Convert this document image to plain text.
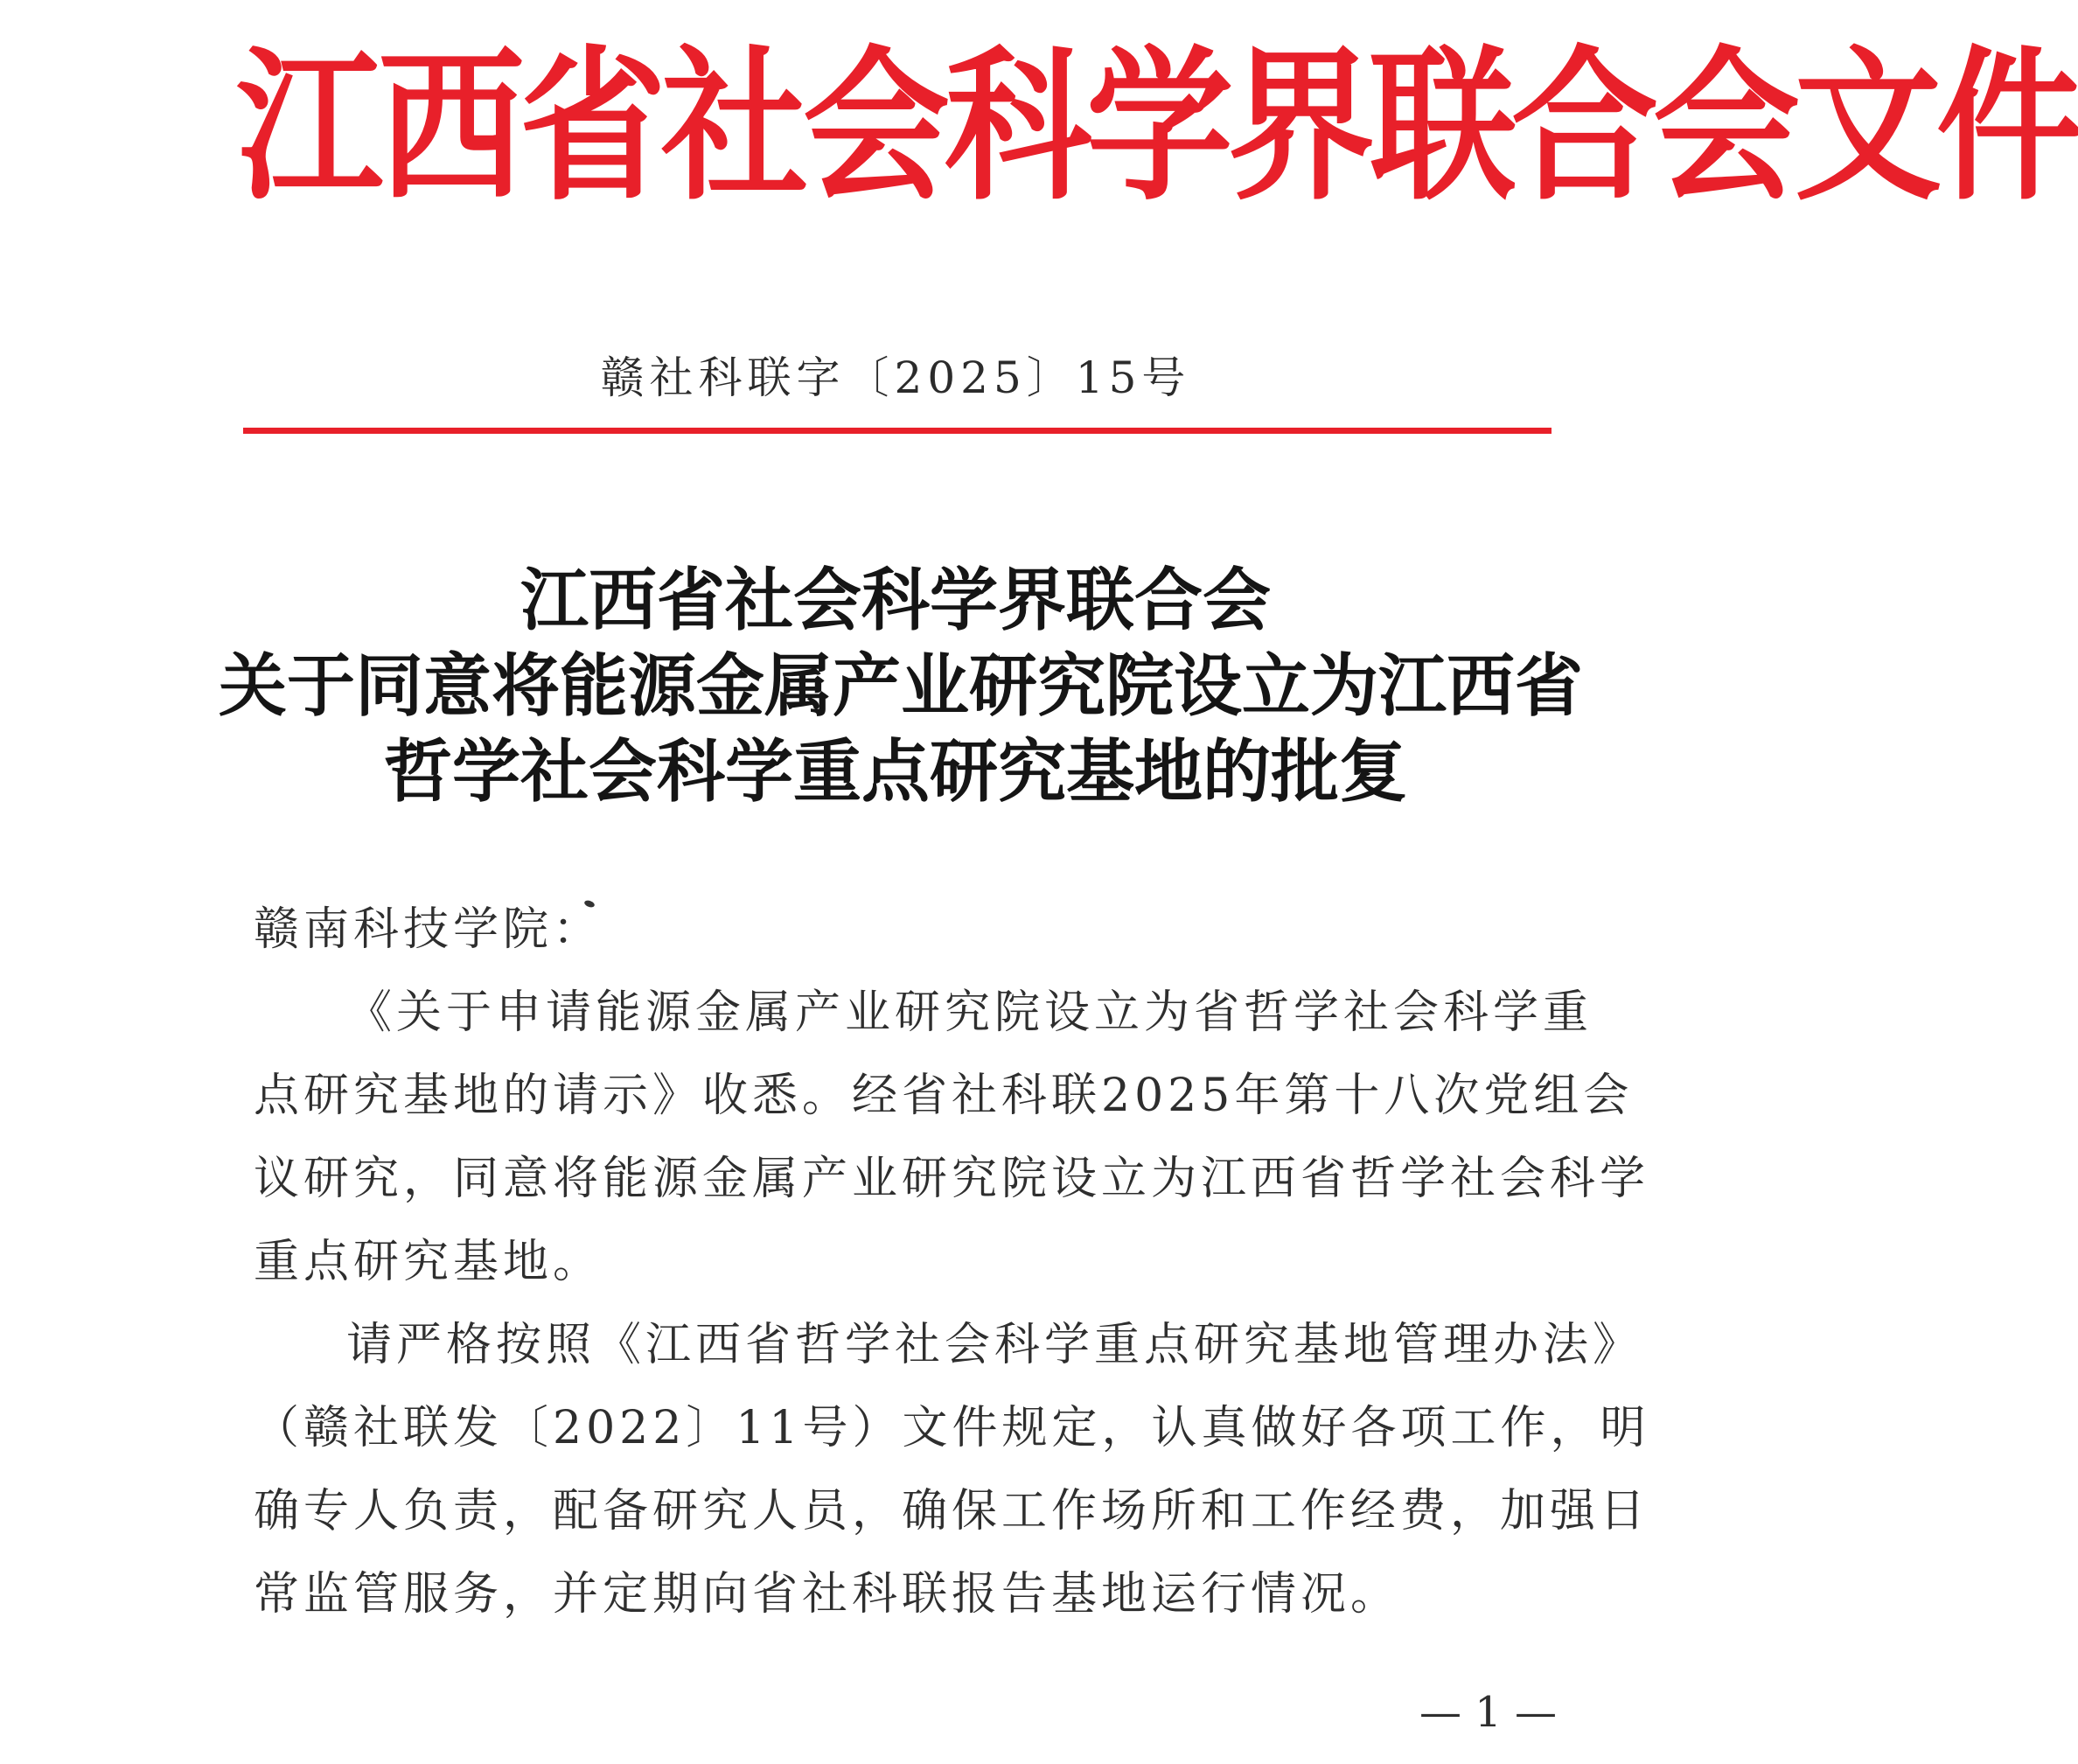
江西省社会科学界联合会文件
赣社科联字〔2025〕15号
江西省社会科学界联合会
关于同意将能源金属产业研究院设立为江西省
哲学社会科学重点研究基地的批复
赣南科技学院：
《关于申请能源金属产业研究院设立为省哲学社会科学重
点研究基地的请示》收悉。经省社科联2025年第十八次党组会
议研究，同意将能源金属产业研究院设立为江西省哲学社会科学
重点研究基地。
请严格按照《江西省哲学社会科学重点研究基地管理办法》
（赣社联发〔2022〕11号）文件规定，认真做好各项工作，明
确专人负责，配备研究人员，确保工作场所和工作经费，加强日
常监管服务，并定期向省社科联报告基地运行情况。
— 1 —
